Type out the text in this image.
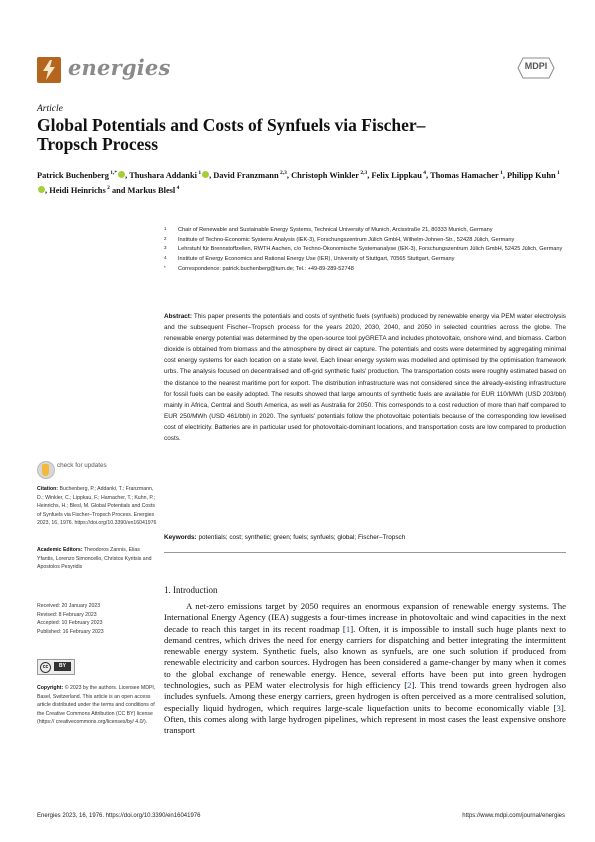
energies	MDPI
Article
Global Potentials and Costs of Synfuels via Fischer–Tropsch Process
Patrick Buchenberg $^{1,*}$ , Thushara Addanki $^1$ , David Franzmann $^{2,3}$, Christoph Winkler $^{2,3}$, Felix Lippkau $^4$, Thomas Hamacher $^1$, Philipp Kuhn $^1$, Heidi Heinrichs $^2$ and Markus Blesl $^4$
1 Chair of Renewable and Sustainable Energy Systems, Technical University of Munich, Arcisstraße 21, 80333 Munich, Germany
2 Institute of Techno-Economic Systems Analysis (IEK-3), Forschungszentrum Jülich GmbH, Wilhelm-Johnen-Str., 52428 Jülich, Germany
3 Lehrstuhl für Brennstoffzellen, RWTH Aachen, c/o Techno-Ökonomische Systemanalyse (IEK-3), Forschungszentrum Jülich GmbH, 52425 Jülich, Germany
4 Institute of Energy Economics and Rational Energy Use (IER), University of Stuttgart, 70565 Stuttgart, Germany
* Correspondence: patrick.buchenberg@tum.de; Tel.: +49-89-289-52748
Abstract: This paper presents the potentials and costs of synthetic fuels (synfuels) produced by renewable energy via PEM water electrolysis and the subsequent Fischer–Tropsch process for the years 2020, 2030, 2040, and 2050 in selected countries across the globe. The renewable energy potential was determined by the open-source tool pyGRETA and includes photovoltaic, onshore wind, and biomass. Carbon dioxide is obtained from biomass and the atmosphere by direct air capture. The potentials and costs were determined by aggregating minimal cost energy systems for each location on a state level. Each linear energy system was modelled and optimised by the optimisation framework urbs. The analysis focused on decentralised and off-grid synthetic fuels' production. The transportation costs were roughly estimated based on the distance to the nearest maritime port for export. The distribution infrastructure was not considered since the already-existing infrastructure for fossil fuels can be easily adopted. The results showed that large amounts of synthetic fuels are available for EUR 110/MWh (USD 203/bbl) mainly in Africa, Central and South America, as well as Australia for 2050. This corresponds to a cost reduction of more than half compared to EUR 250/MWh (USD 461/bbl) in 2020. The synfuels' potentials follow the photovoltaic potentials because of the corresponding low levelised cost of electricity. Batteries are in particular used for photovoltaic-dominant locations, and transportation costs are low compared to production costs.
Keywords: potentials; cost; synthetic; green; fuels; synfuels; global; Fischer–Tropsch
check for updates
Citation: Buchenberg, P.; Addanki, T.; Franzmann, D.; Winkler, C.; Lippkau, F.; Hamacher, T.; Kuhn, P.; Heinrichs, H.; Blesl, M. Global Potentials and Costs of Synfuels via Fischer–Tropsch Process. Energies 2023, 16, 1976. https://doi.org/10.3390/en16041976
Academic Editors: Theodoros Zannis, Elias Yfantis, Lorenzo Simoncello, Christos Kyritsis and Apostolos Pesyridis
Received: 20 January 2023
Revised: 8 February 2023
Accepted: 10 February 2023
Published: 16 February 2023
cc	BY
Copyright: © 2023 by the authors. Licensee MDPI, Basel, Switzerland. This article is an open access article distributed under the terms and conditions of the Creative Commons Attribution (CC BY) license (https:// creativecommons.org/licenses/by/ 4.0/).
1. Introduction

A net-zero emissions target by 2050 requires an enormous expansion of renewable energy systems. The International Energy Agency (IEA) suggests a four-times increase in photovoltaic and wind capacities in the next decade to reach this target in its recent roadmap [1]. Often, it is impossible to install such huge plants next to demand centres, which drives the need for energy carriers for dispatching and better integrating the intermittent renewable energy system. Synthetic fuels, also known as synfuels, are one such solution if produced from renewable electricity and carbon sources. Hydrogen has been considered a game-changer by many when it comes to the global exchange of renewable energy. Hence, several efforts have been put into green hydrogen technologies, such as PEM water electrolysis for high efficiency [2]. This trend towards green hydrogen also includes synfuels. Among these energy carriers, green hydrogen is often perceived as a more centralised solution, especially liquid hydrogen, which requires large-scale liquefaction units to become economically viable [3]. Often, this comes along with large hydrogen pipelines, which represent in most cases the least expensive onshore transport

Energies 2023, 16, 1976. https://doi.org/10.3390/en16041976	https://www.mdpi.com/journal/energies
